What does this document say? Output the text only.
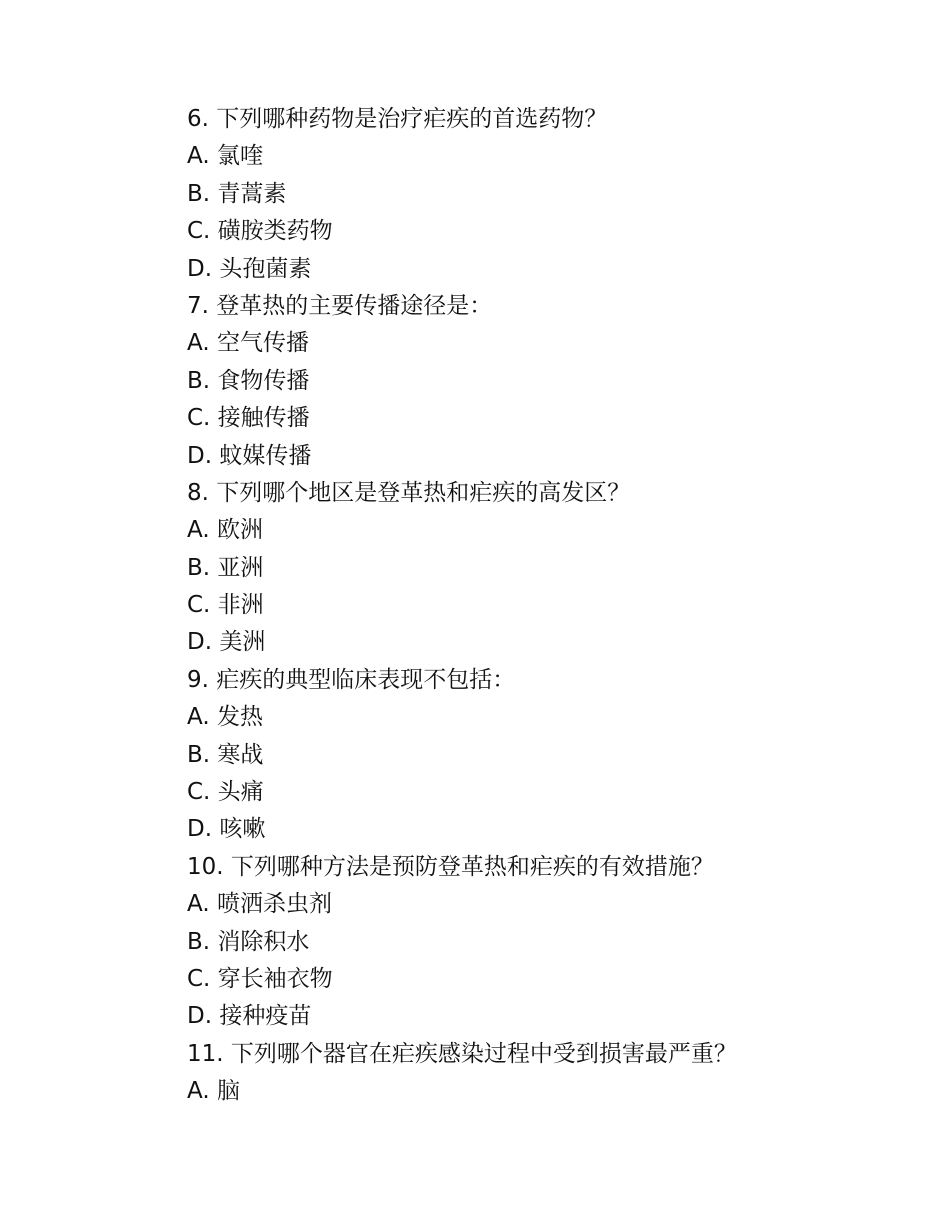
6. 下列哪种药物是治疗疟疾的首选药物？
A. 氯喹
B. 青蒿素
C. 磺胺类药物
D. 头孢菌素
7. 登革热的主要传播途径是：
A. 空气传播
B. 食物传播
C. 接触传播
D. 蚊媒传播
8. 下列哪个地区是登革热和疟疾的高发区？
A. 欧洲
B. 亚洲
C. 非洲
D. 美洲
9. 疟疾的典型临床表现不包括：
A. 发热
B. 寒战
C. 头痛
D. 咳嗽
10. 下列哪种方法是预防登革热和疟疾的有效措施？
A. 喷洒杀虫剂
B. 消除积水
C. 穿长袖衣物
D. 接种疫苗
11. 下列哪个器官在疟疾感染过程中受到损害最严重？
A. 脑
